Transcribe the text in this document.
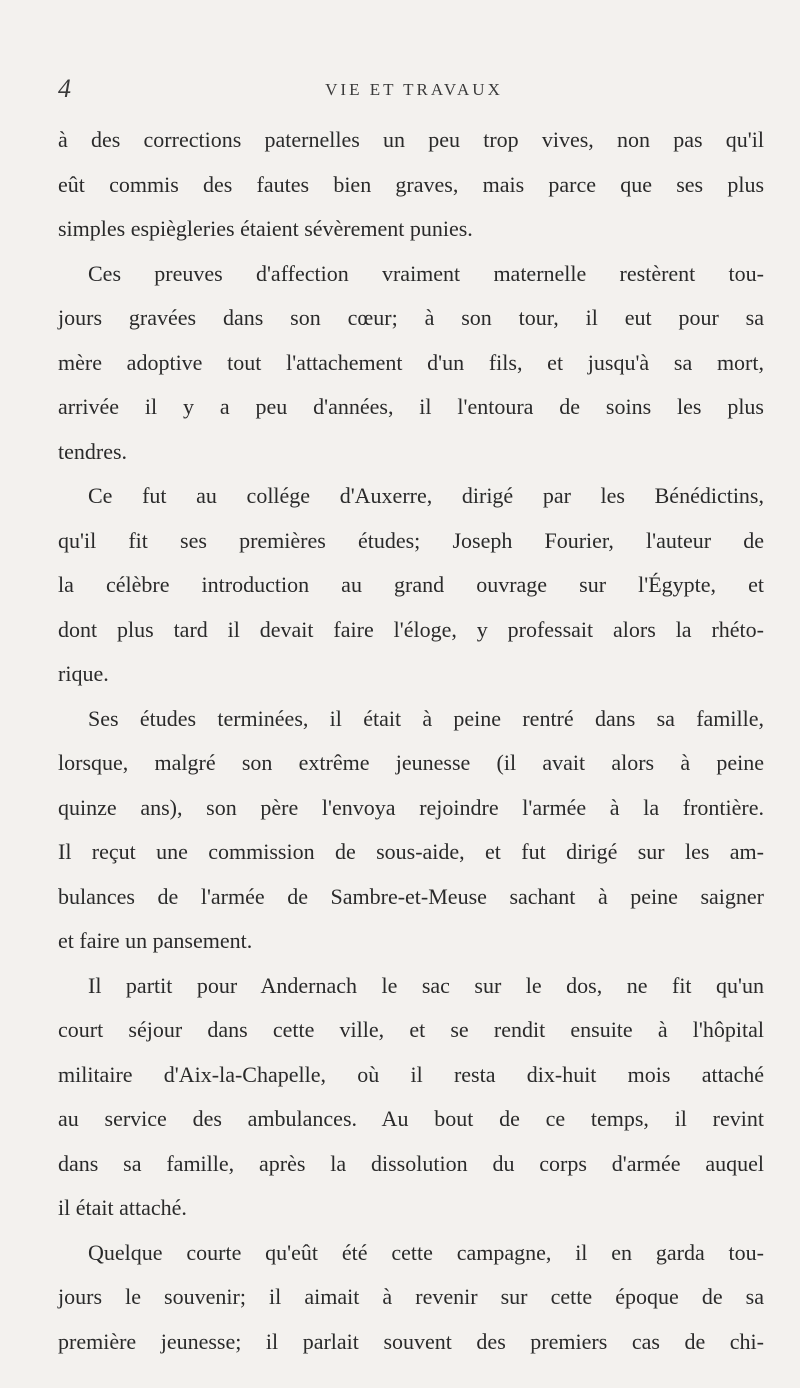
4	VIE ET TRAVAUX
à des corrections paternelles un peu trop vives, non pas qu'il
eût commis des fautes bien graves, mais parce que ses plus
simples espiègleries étaient sévèrement punies.
Ces preuves d'affection vraiment maternelle restèrent tou-
jours gravées dans son cœur; à son tour, il eut pour sa
mère adoptive tout l'attachement d'un fils, et jusqu'à sa mort,
arrivée il y a peu d'années, il l'entoura de soins les plus
tendres.
Ce fut au collége d'Auxerre, dirigé par les Bénédictins,
qu'il fit ses premières études; Joseph Fourier, l'auteur de
la célèbre introduction au grand ouvrage sur l'Égypte, et
dont plus tard il devait faire l'éloge, y professait alors la rhéto-
rique.
Ses études terminées, il était à peine rentré dans sa famille,
lorsque, malgré son extrême jeunesse (il avait alors à peine
quinze ans), son père l'envoya rejoindre l'armée à la frontière.
Il reçut une commission de sous-aide, et fut dirigé sur les am-
bulances de l'armée de Sambre-et-Meuse sachant à peine saigner
et faire un pansement.
Il partit pour Andernach le sac sur le dos, ne fit qu'un
court séjour dans cette ville, et se rendit ensuite à l'hôpital
militaire d'Aix-la-Chapelle, où il resta dix-huit mois attaché
au service des ambulances. Au bout de ce temps, il revint
dans sa famille, après la dissolution du corps d'armée auquel
il était attaché.
Quelque courte qu'eût été cette campagne, il en garda tou-
jours le souvenir; il aimait à revenir sur cette époque de sa
première jeunesse; il parlait souvent des premiers cas de chi-
